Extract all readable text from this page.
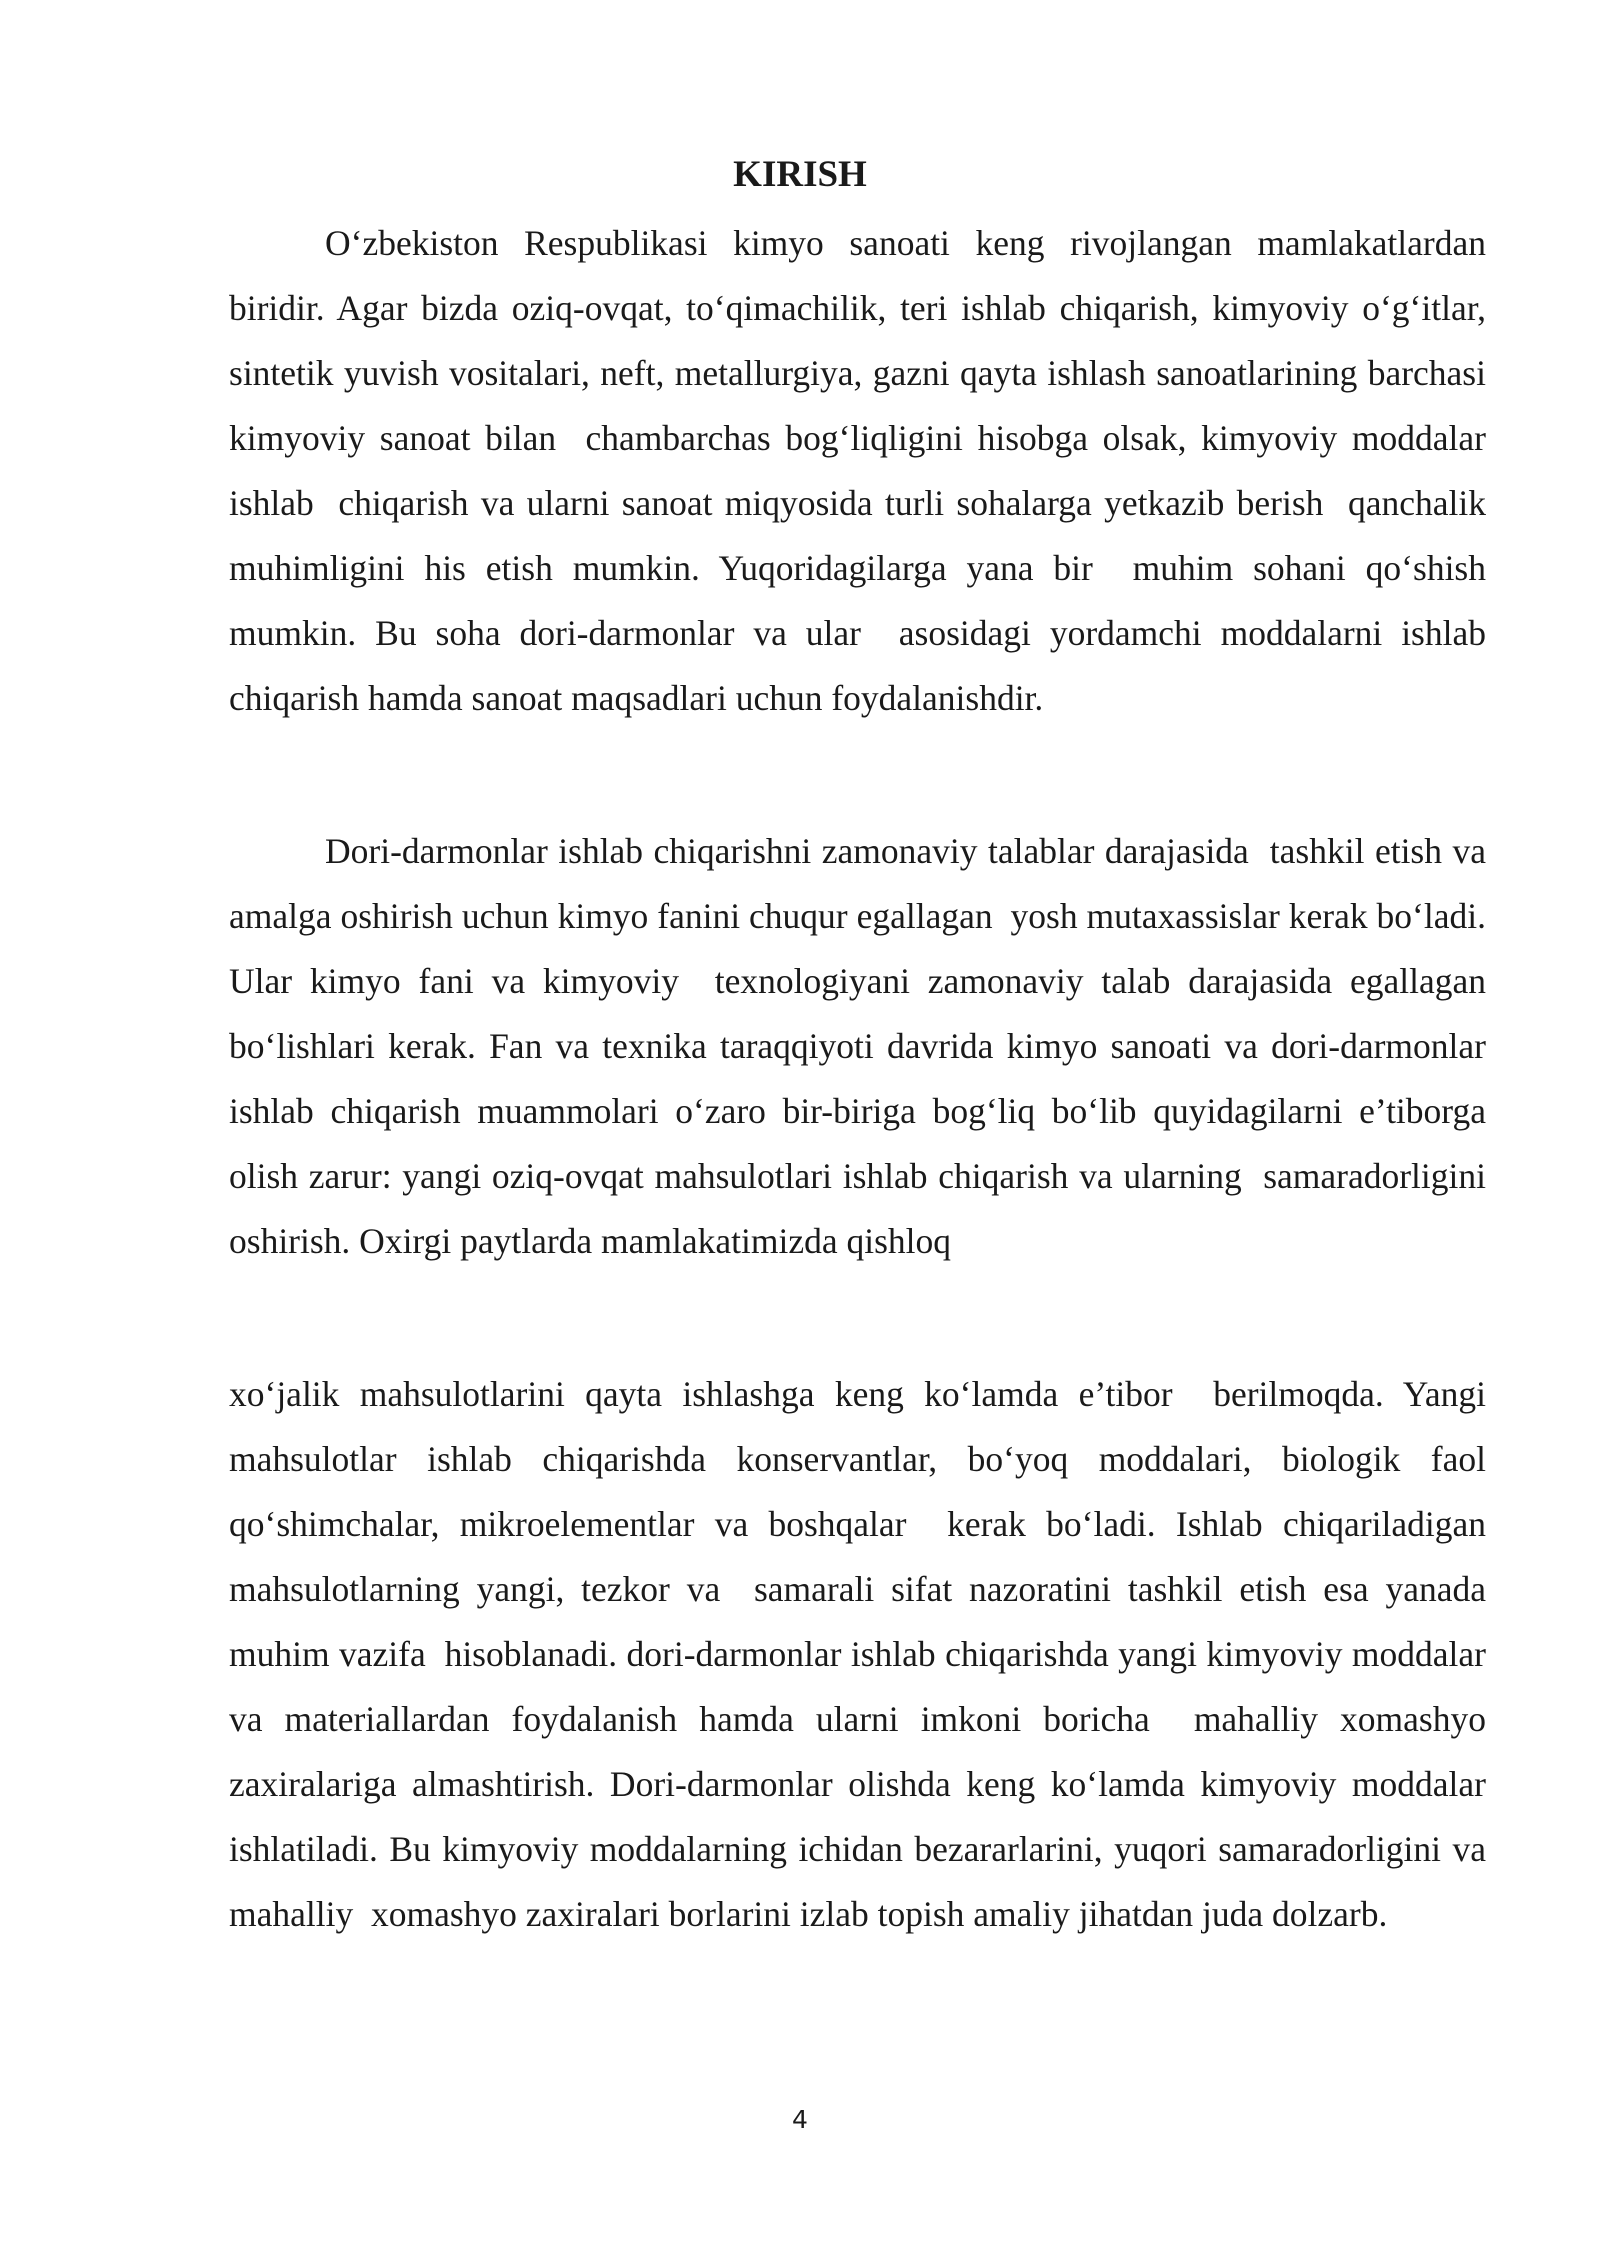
KIRISH

O‘zbekiston Respublikasi kimyo sanoati keng rivojlangan mamlakatlardan biridir. Agar bizda oziq-ovqat, to‘qimachilik, teri ishlab chiqarish, kimyoviy o‘g‘itlar, sintetik yuvish vositalari, neft, metallurgiya, gazni qayta ishlash sanoatlarining barchasi kimyoviy sanoat bilan  chambarchas bog‘liqligini hisobga olsak, kimyoviy moddalar ishlab  chiqarish va ularni sanoat miqyosida turli sohalarga yetkazib berish  qanchalik muhimligini his etish mumkin. Yuqoridagilarga yana bir  muhim sohani qo‘shish mumkin. Bu soha dori-darmonlar va ular  asosidagi yordamchi moddalarni ishlab chiqarish hamda sanoat maqsadlari uchun foydalanishdir.

Dori-darmonlar ishlab chiqarishni zamonaviy talablar darajasida  tashkil etish va amalga oshirish uchun kimyo fanini chuqur egallagan  yosh mutaxassislar kerak bo‘ladi. Ular kimyo fani va kimyoviy  texnologiyani zamonaviy talab darajasida egallagan bo‘lishlari kerak. Fan va texnika taraqqiyoti davrida kimyo sanoati va dori-darmonlar  ishlab chiqarish muammolari o‘zaro bir-biriga bog‘liq bo‘lib quyidagilarni e’tiborga olish zarur: yangi oziq-ovqat mahsulotlari ishlab chiqarish va ularning  samaradorligini oshirish. Oxirgi paytlarda mamlakatimizda qishloq

xo‘jalik mahsulotlarini qayta ishlashga keng ko‘lamda e’tibor  berilmoqda. Yangi mahsulotlar ishlab chiqarishda konservantlar, bo‘yoq moddalari, biologik faol qo‘shimchalar, mikroelementlar va boshqalar  kerak bo‘ladi. Ishlab chiqariladigan mahsulotlarning yangi, tezkor va  samarali sifat nazoratini tashkil etish esa yanada muhim vazifa  hisoblanadi. dori-darmonlar ishlab chiqarishda yangi kimyoviy moddalar  va materiallardan foydalanish hamda ularni imkoni boricha  mahalliy xomashyo zaxiralariga almashtirish. Dori-darmonlar olishda keng ko‘lamda kimyoviy moddalar ishlatiladi. Bu kimyoviy moddalarning ichidan bezararlarini, yuqori samaradorligini va mahalliy  xomashyo zaxiralari borlarini izlab topish amaliy jihatdan juda dolzarb.

4
